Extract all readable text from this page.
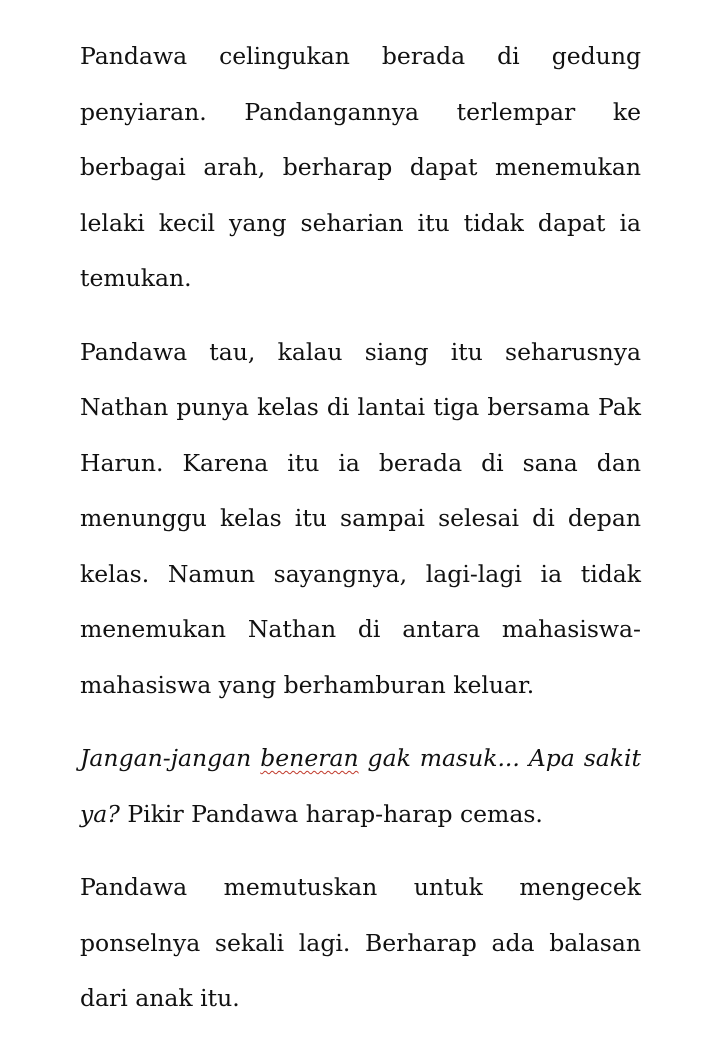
Pandawa celingukan berada di gedung penyiaran. Pandangannya terlempar ke berbagai arah, berharap dapat menemukan lelaki kecil yang seharian itu tidak dapat ia temukan.

Pandawa tau, kalau siang itu seharusnya Nathan punya kelas di lantai tiga bersama Pak Harun. Karena itu ia berada di sana dan menunggu kelas itu sampai selesai di depan kelas. Namun sayangnya, lagi-lagi ia tidak menemukan Nathan di antara mahasiswa-mahasiswa yang berhamburan keluar.

Jangan-jangan beneran gak masuk... Apa sakit ya? Pikir Pandawa harap-harap cemas.

Pandawa memutuskan untuk mengecek ponselnya sekali lagi. Berharap ada balasan dari anak itu.
